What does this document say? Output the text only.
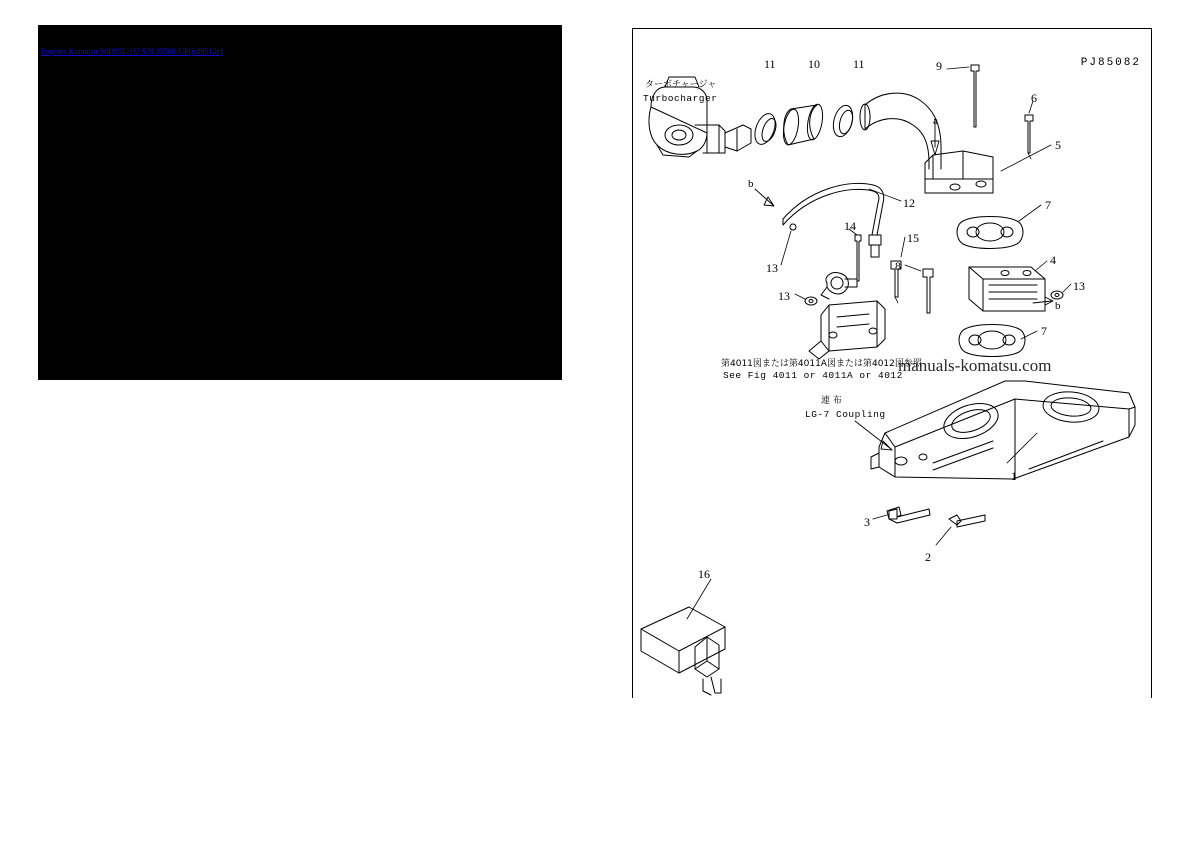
Engines Komatsu S6D95L-1U S/N 35560-UP(js09512c)
PJ85082
manuals-komatsu.com
ターボチャージャ
Turbocharger
第4011図または第4011A図または第4012図参照
See Fig 4011 or 4011A or 4012
連 布
LG-7 Coupling
11	10	11	9
6
5
7
12
14
15
8	4
13
13
13
7
1
3
2
16
a
b
b
